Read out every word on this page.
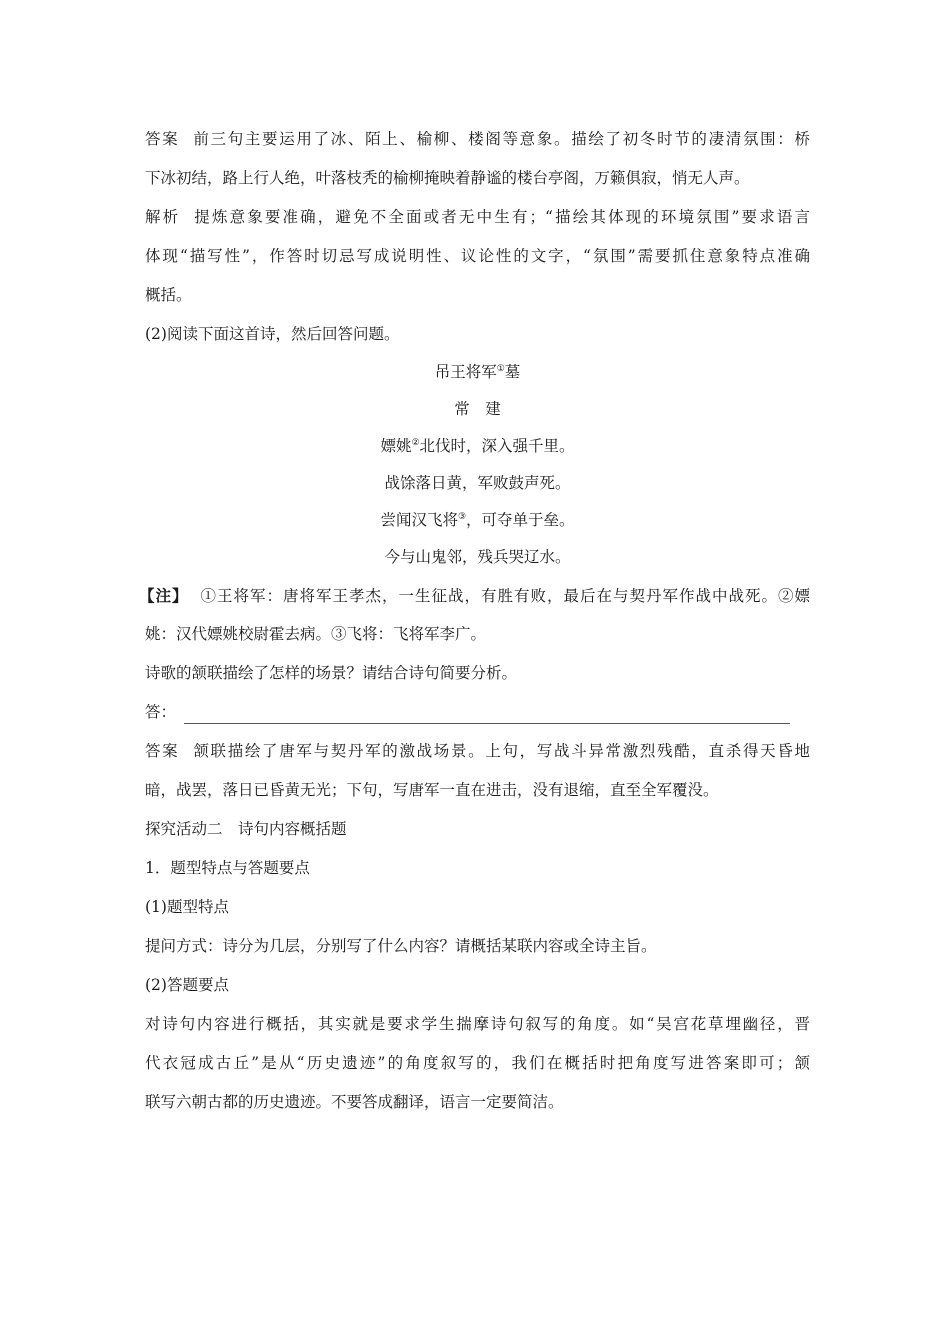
答案 前三句主要运用了冰、陌上、榆柳、楼阁等意象。描绘了初冬时节的凄清氛围：桥
下冰初结，路上行人绝，叶落枝秃的榆柳掩映着静谧的楼台亭阁，万籁俱寂，悄无人声。
解析 提炼意象要准确，避免不全面或者无中生有；“描绘其体现的环境氛围”要求语言
体现“描写性”，作答时切忌写成说明性、议论性的文字，“氛围”需要抓住意象特点准确
概括。
(2)阅读下面这首诗，然后回答问题。
吊王将军①墓
常　建
嫖姚②北伐时，深入强千里。
战馀落日黄，军败鼓声死。
尝闻汉飞将③，可夺单于垒。
今与山鬼邻，残兵哭辽水。
【注】 ①王将军：唐将军王孝杰，一生征战，有胜有败，最后在与契丹军作战中战死。②嫖
姚：汉代嫖姚校尉霍去病。③飞将：飞将军李广。
诗歌的颔联描绘了怎样的场景？请结合诗句简要分析。
答：
答案 颔联描绘了唐军与契丹军的激战场景。上句，写战斗异常激烈残酷，直杀得天昏地
暗，战罢，落日已昏黄无光；下句，写唐军一直在进击，没有退缩，直至全军覆没。
探究活动二　诗句内容概括题
1．题型特点与答题要点
(1)题型特点
提问方式：诗分为几层，分别写了什么内容？请概括某联内容或全诗主旨。
(2)答题要点
对诗句内容进行概括，其实就是要求学生揣摩诗句叙写的角度。如“吴宫花草埋幽径，晋
代衣冠成古丘”是从“历史遗迹”的角度叙写的，我们在概括时把角度写进答案即可；颔
联写六朝古都的历史遗迹。不要答成翻译，语言一定要简洁。
